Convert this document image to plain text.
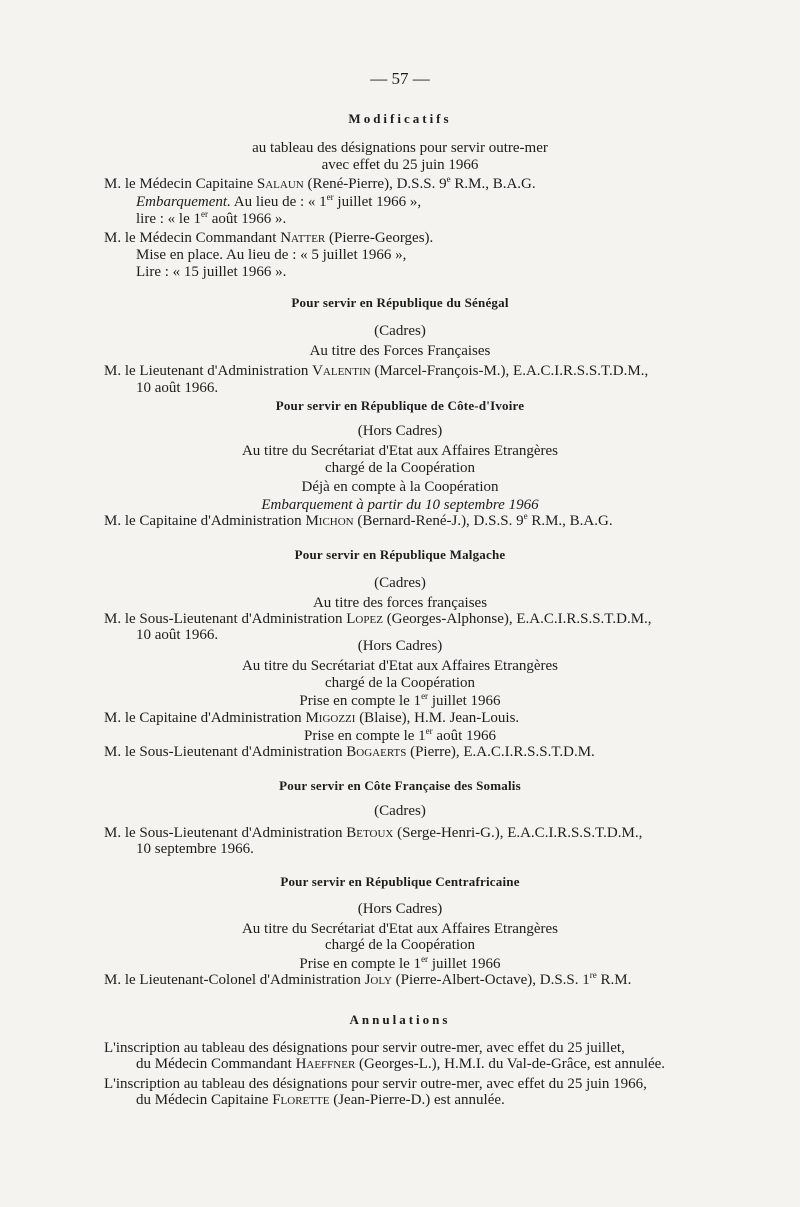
— 57 —
Modificatifs
au tableau des désignations pour servir outre-mer
avec effet du 25 juin 1966
M. le Médecin Capitaine Salaun (René-Pierre), D.S.S. 9e R.M., B.A.G.
Embarquement. Au lieu de : « 1er juillet 1966 »,
lire : « le 1er août 1966 ».
M. le Médecin Commandant Natter (Pierre-Georges).
Mise en place. Au lieu de : « 5 juillet 1966 »,
Lire : « 15 juillet 1966 ».
Pour servir en République du Sénégal
(Cadres)
Au titre des Forces Françaises
M. le Lieutenant d'Administration Valentin (Marcel-François-M.), E.A.C.I.R.S.S.T.D.M.,
10 août 1966.
Pour servir en République de Côte-d'Ivoire
(Hors Cadres)
Au titre du Secrétariat d'Etat aux Affaires Etrangères
chargé de la Coopération
Déjà en compte à la Coopération
Embarquement à partir du 10 septembre 1966
M. le Capitaine d'Administration Michon (Bernard-René-J.), D.S.S. 9e R.M., B.A.G.
Pour servir en République Malgache
(Cadres)
Au titre des forces françaises
M. le Sous-Lieutenant d'Administration Lopez (Georges-Alphonse), E.A.C.I.R.S.S.T.D.M.,
10 août 1966.
(Hors Cadres)
Au titre du Secrétariat d'Etat aux Affaires Etrangères
chargé de la Coopération
Prise en compte le 1er juillet 1966
M. le Capitaine d'Administration Migozzi (Blaise), H.M. Jean-Louis.
Prise en compte le 1er août 1966
M. le Sous-Lieutenant d'Administration Bogaerts (Pierre), E.A.C.I.R.S.S.T.D.M.
Pour servir en Côte Française des Somalis
(Cadres)
M. le Sous-Lieutenant d'Administration Betoux (Serge-Henri-G.), E.A.C.I.R.S.S.T.D.M.,
10 septembre 1966.
Pour servir en République Centrafricaine
(Hors Cadres)
Au titre du Secrétariat d'Etat aux Affaires Etrangères
chargé de la Coopération
Prise en compte le 1er juillet 1966
M. le Lieutenant-Colonel d'Administration Joly (Pierre-Albert-Octave), D.S.S. 1re R.M.
Annulations
L'inscription au tableau des désignations pour servir outre-mer, avec effet du 25 juillet,
du Médecin Commandant Haeffner (Georges-L.), H.M.I. du Val-de-Grâce, est annulée.
L'inscription au tableau des désignations pour servir outre-mer, avec effet du 25 juin 1966,
du Médecin Capitaine Florette (Jean-Pierre-D.) est annulée.
